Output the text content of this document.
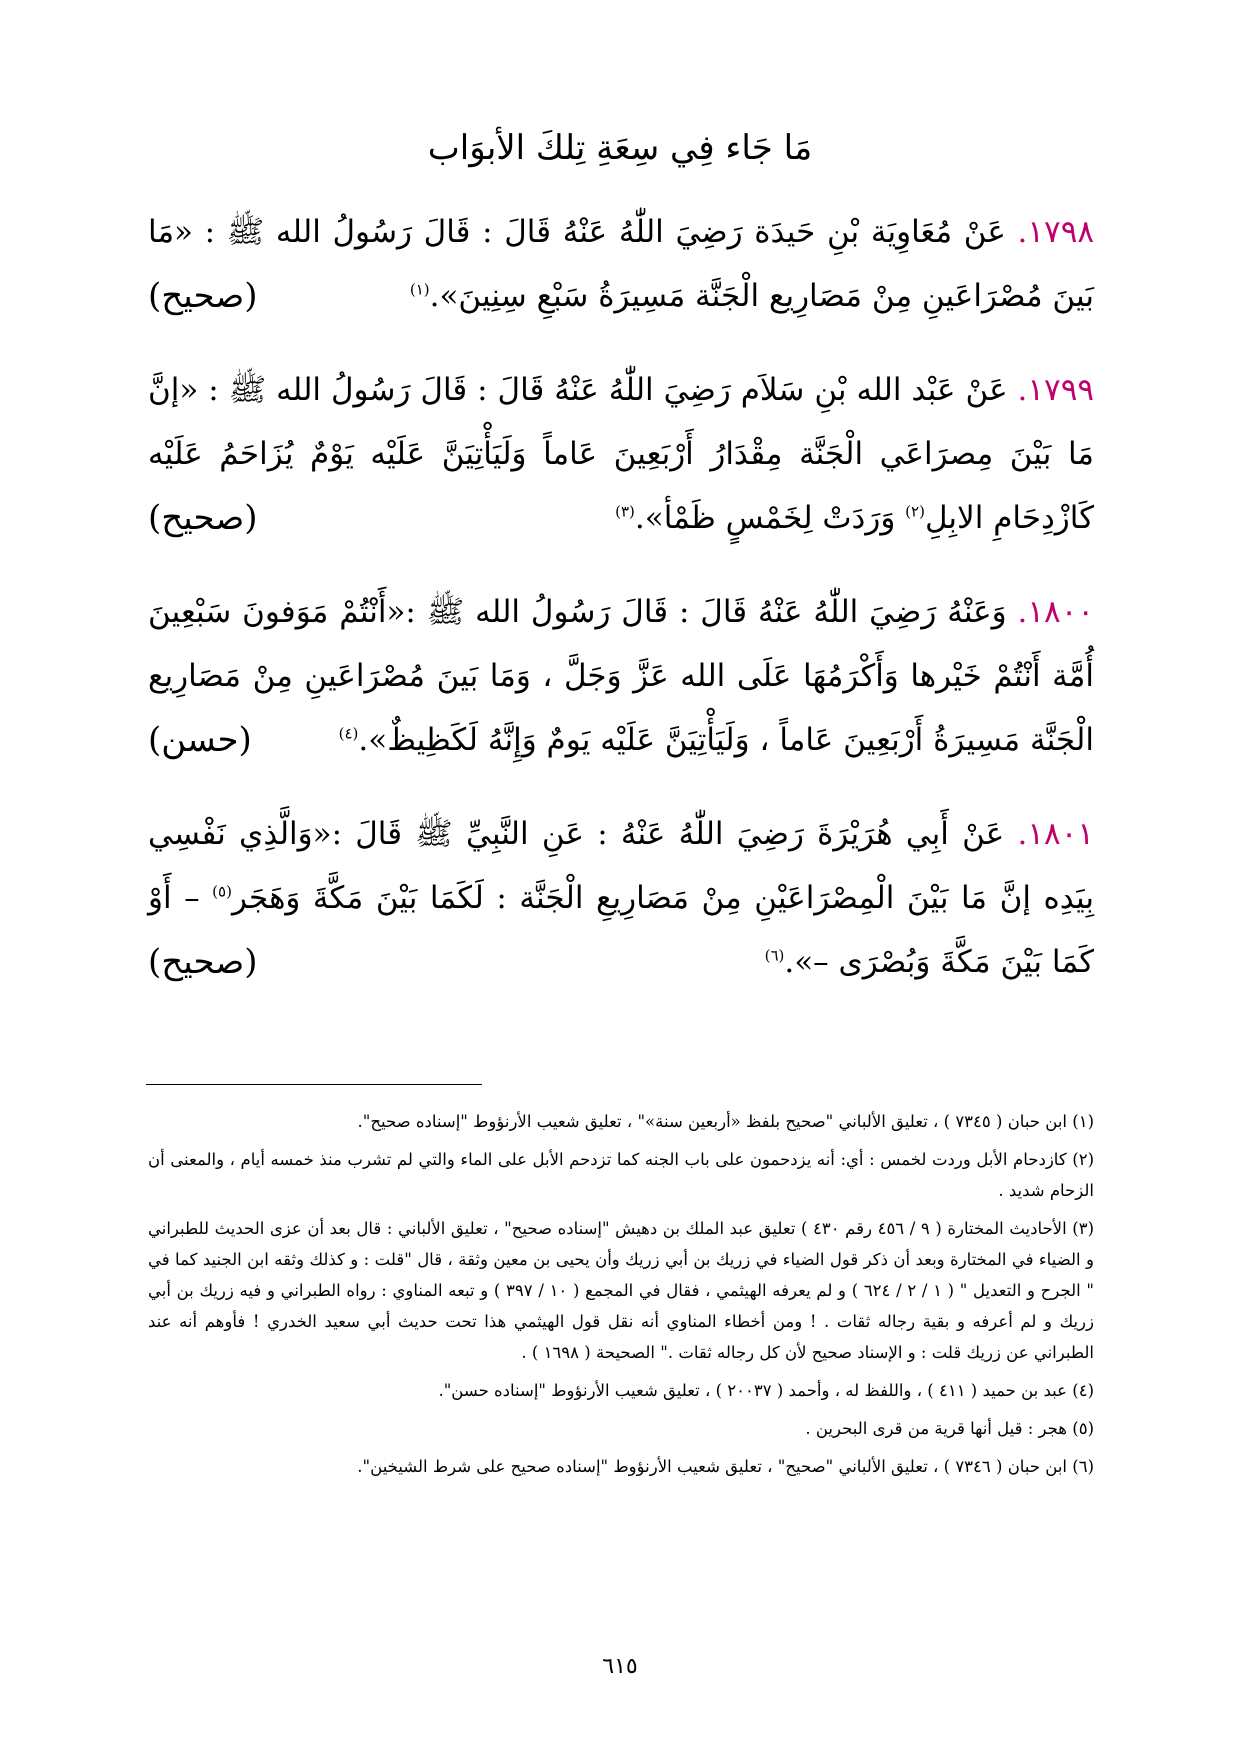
مَا جَاء فِي سِعَةِ تِلكَ الأبوَاب

١٧٩٨. عَنْ مُعَاوِيَة بْنِ حَيدَة رَضِيَ اللّٰهُ عَنْهُ قَالَ : قَالَ رَسُولُ الله ﷺ : «مَا بَينَ مُصْرَاعَينِ مِنْ مَصَارِيع الْجَنَّة مَسِيرَةُ سَبْعِ سِنِينَ».$^{(١)}$

(صحيح)

١٧٩٩. عَنْ عَبْد الله بْنِ سَلاَم رَضِيَ اللّٰهُ عَنْهُ قَالَ : قَالَ رَسُولُ الله ﷺ : «إنَّ مَا بَيْنَ مِصرَاعَي الْجَنَّة مِقْدَارُ أَرْبَعِينَ عَاماً وَلَيَأْتِيَنَّ عَلَيْه يَوْمٌ يُزَاحَمُ عَلَيْه كَازْدِحَامِ الابِلِ$^{(٢)}$ وَرَدَتْ لِخَمْسٍ ظَمْأ».$^{(٣)}$

(صحيح)

١٨٠٠. وَعَنْهُ رَضِيَ اللّٰهُ عَنْهُ قَالَ : قَالَ رَسُولُ الله ﷺ :«أَنْتُمْ مَوَفونَ سَبْعِينَ أُمَّة أَنْتُمْ خَيْرها وَأَكْرَمُهَا عَلَى الله عَزَّ وَجَلَّ ، وَمَا بَينَ مُصْرَاعَينِ مِنْ مَصَارِيع الْجَنَّة مَسِيرَةُ أَرْبَعِينَ عَاماً ، وَلَيَأْتِيَنَّ عَلَيْه يَومٌ وَإِنَّهُ لَكَظِيظٌ».$^{(٤)}$

(حسن)

١٨٠١. عَنْ أَبِي هُرَيْرَةَ رَضِيَ اللّٰهُ عَنْهُ : عَنِ النَّبِيِّ ﷺ قَالَ :«وَالَّذِي نَفْسِي بِيَدِه إنَّ مَا بَيْنَ الْمِصْرَاعَيْنِ مِنْ مَصَارِيعِ الْجَنَّة : لَكَمَا بَيْنَ مَكَّةَ وَهَجَر$^{(٥)}$ – أَوْ كَمَا بَيْنَ مَكَّةَ وَبُصْرَى –».$^{(٦)}$

(صحيح)

(١) ابن حبان ( ٧٣٤٥ ) ، تعليق الألباني "صحيح بلفظ «أربعين سنة»" ، تعليق شعيب الأرنؤوط "إسناده صحيح".

(٢) كازدحام الأبل وردت لخمس : أي: أنه يزدحمون على باب الجنه كما تزدحم الأبل على الماء والتي لم تشرب منذ خمسه أيام ، والمعنى أن الزحام شديد .

(٣) الأحاديث المختارة ( ٩ / ٤٥٦ رقم ٤٣٠ ) تعليق عبد الملك بن دهيش "إسناده صحيح" ، تعليق الألباني : قال بعد أن عزى الحديث للطبراني و الضياء في المختارة وبعد أن ذكر قول الضياء في زريك بن أبي زريك وأن يحيى بن معين وثقة ، قال "قلت : و كذلك وثقه ابن الجنيد كما في " الجرح و التعديل " ( ١ / ٢ / ٦٢٤ ) و لم يعرفه الهيثمي ، فقال في المجمع ( ١٠ / ٣٩٧ ) و تبعه المناوي : رواه الطبراني و فيه زريك بن أبي زريك و لم أعرفه و بقية رجاله ثقات . ! ومن أخطاء المناوي أنه نقل قول الهيثمي هذا تحت حديث أبي سعيد الخدري ! فأوهم أنه عند الطبراني عن زريك قلت : و الإسناد صحيح لأن كل رجاله ثقات ." الصحيحة ( ١٦٩٨ ) .

(٤) عبد بن حميد ( ٤١١ ) ، واللفظ له ، وأحمد ( ٢٠٠٣٧ ) ، تعليق شعيب الأرنؤوط "إسناده حسن".

(٥) هجر : قيل أنها قرية من قرى البحرين .

(٦) ابن حبان ( ٧٣٤٦ ) ، تعليق الألباني "صحيح" ، تعليق شعيب الأرنؤوط "إسناده صحيح على شرط الشيخين".

٦١٥
